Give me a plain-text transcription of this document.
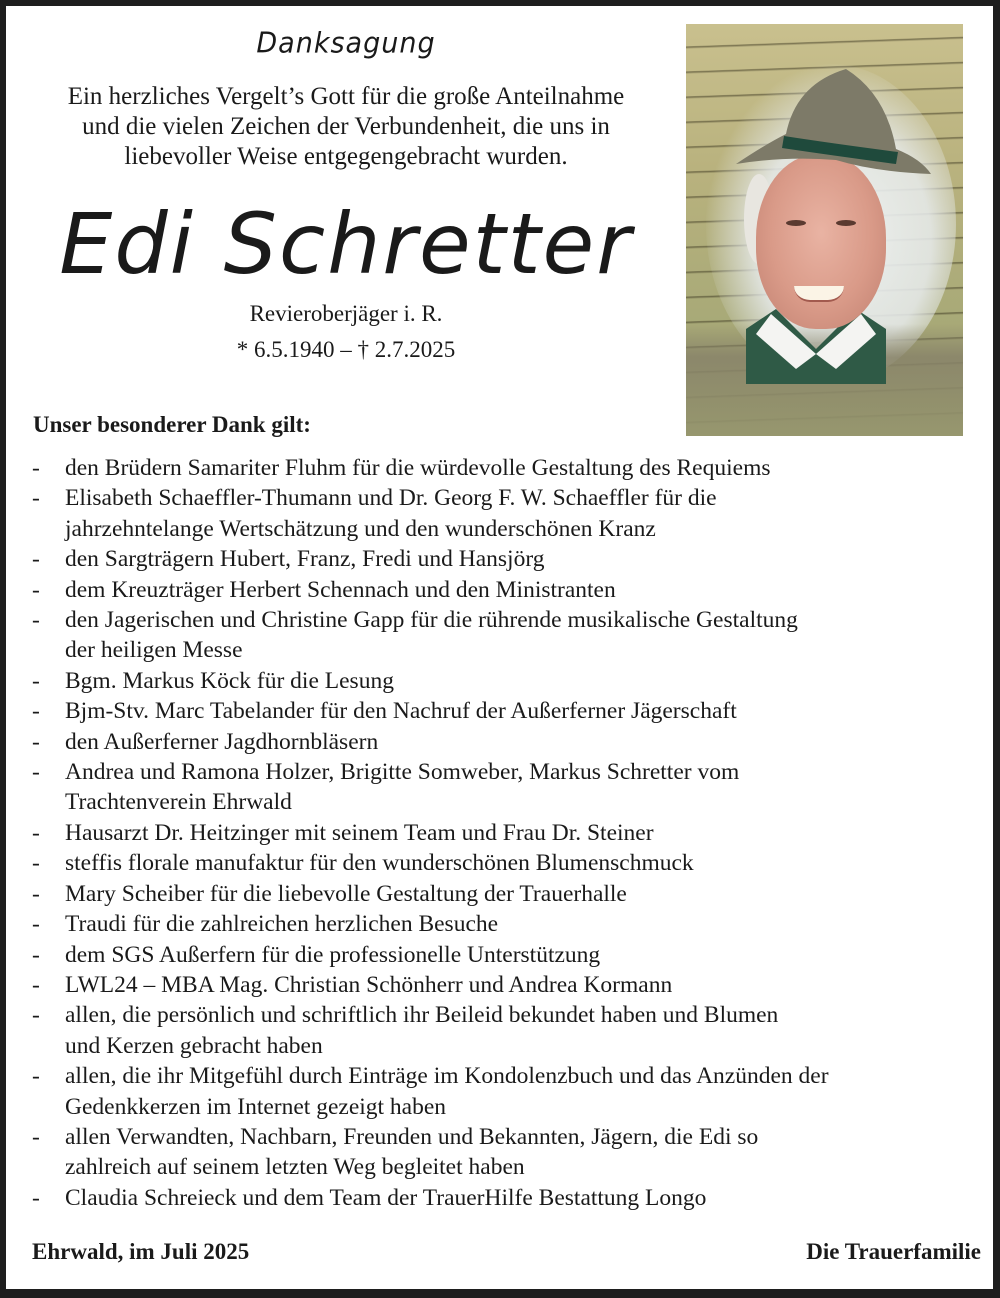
Danksagung
Ein herzliches Vergelt’s Gott für die große Anteilnahme
und die vielen Zeichen der Verbundenheit, die uns in
liebevoller Weise entgegengebracht wurden.
Edi Schretter
Revieroberjäger i. R.
* 6.5.1940 – † 2.7.2025
Unser besonderer Dank gilt:
- den Brüdern Samariter Fluhm für die würdevolle Gestaltung des Requiems
- Elisabeth Schaeffler-Thumann und Dr. Georg F. W. Schaeffler für die
jahrzehntelange Wertschätzung und den wunderschönen Kranz
- den Sargträgern Hubert, Franz, Fredi und Hansjörg
- dem Kreuzträger Herbert Schennach und den Ministranten
- den Jagerischen und Christine Gapp für die rührende musikalische Gestaltung
der heiligen Messe
- Bgm. Markus Köck für die Lesung
- Bjm-Stv. Marc Tabelander für den Nachruf der Außerferner Jägerschaft
- den Außerferner Jagdhornbläsern
- Andrea und Ramona Holzer, Brigitte Somweber, Markus Schretter vom
Trachtenverein Ehrwald
- Hausarzt Dr. Heitzinger mit seinem Team und Frau Dr. Steiner
- steffis florale manufaktur für den wunderschönen Blumenschmuck
- Mary Scheiber für die liebevolle Gestaltung der Trauerhalle
- Traudi für die zahlreichen herzlichen Besuche
- dem SGS Außerfern für die professionelle Unterstützung
- LWL24 – MBA Mag. Christian Schönherr und Andrea Kormann
- allen, die persönlich und schriftlich ihr Beileid bekundet haben und Blumen
und Kerzen gebracht haben
- allen, die ihr Mitgefühl durch Einträge im Kondolenzbuch und das Anzünden der
Gedenkkerzen im Internet gezeigt haben
- allen Verwandten, Nachbarn, Freunden und Bekannten, Jägern, die Edi so
zahlreich auf seinem letzten Weg begleitet haben
- Claudia Schreieck und dem Team der TrauerHilfe Bestattung Longo
Ehrwald, im Juli 2025	Die Trauerfamilie
